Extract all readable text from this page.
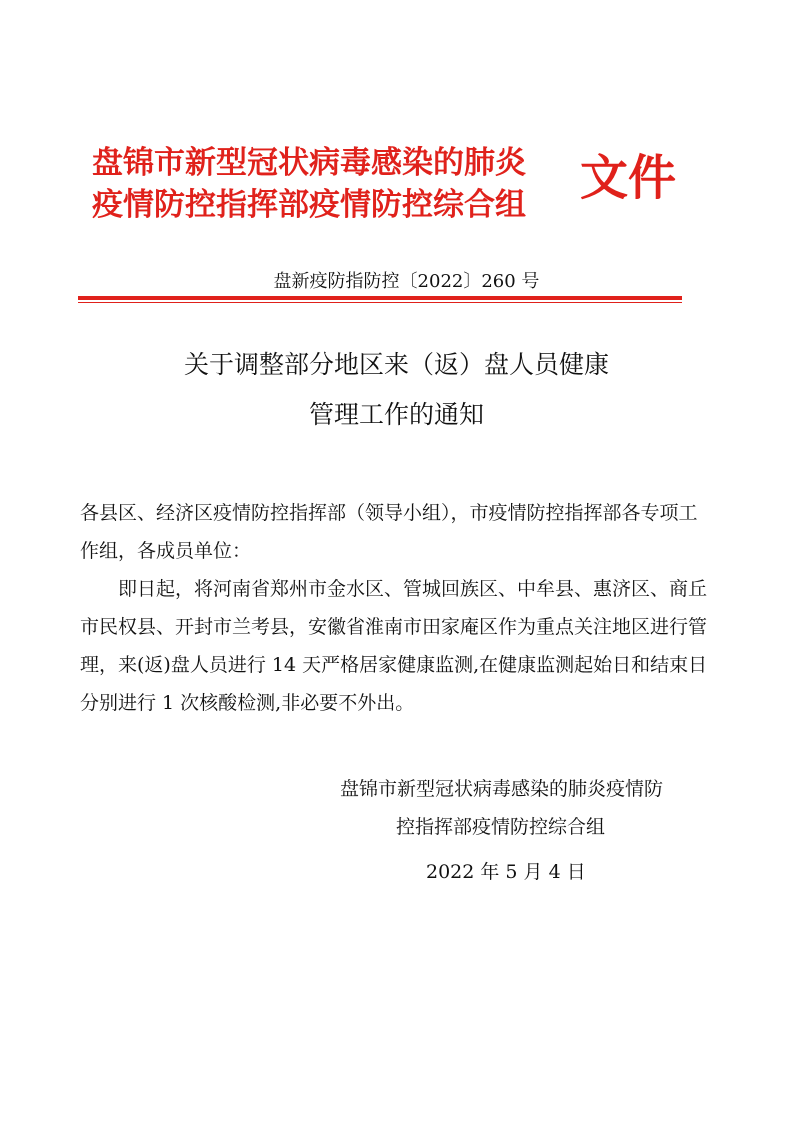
盘锦市新型冠状病毒感染的肺炎
疫情防控指挥部疫情防控综合组	文件
盘新疫防指防控〔2022〕260 号
关于调整部分地区来（返）盘人员健康
管理工作的通知

各县区、经济区疫情防控指挥部（领导小组），市疫情防控指挥部各专项工作组，各成员单位：

即日起，将河南省郑州市金水区、管城回族区、中牟县、惠济区、商丘市民权县、开封市兰考县，安徽省淮南市田家庵区作为重点关注地区进行管理，来(返)盘人员进行 14 天严格居家健康监测,在健康监测起始日和结束日分别进行 1 次核酸检测,非必要不外出。

盘锦市新型冠状病毒感染的肺炎疫情防
控指挥部疫情防控综合组
2022 年 5 月 4 日
